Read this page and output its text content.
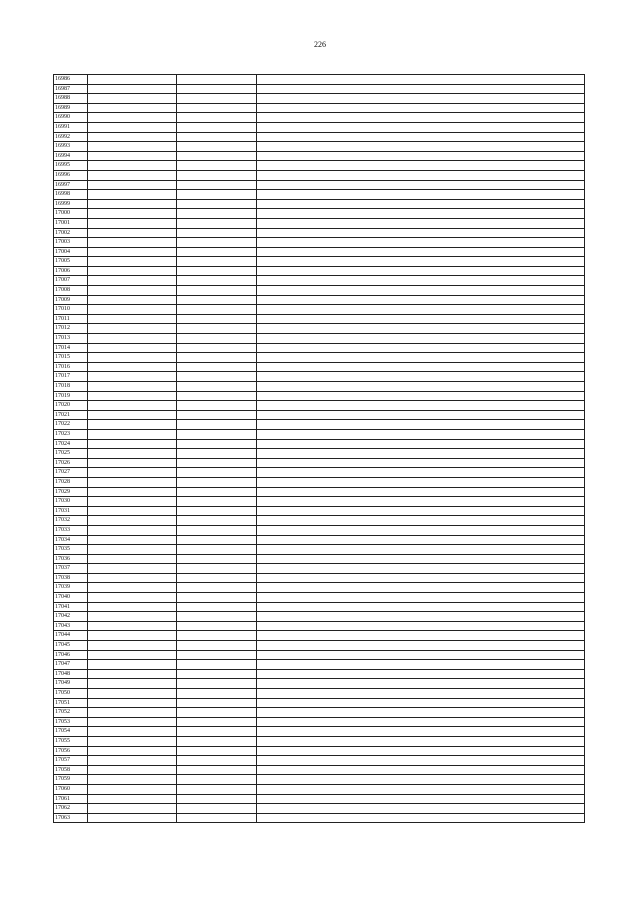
226
16986			
16987			
16988			
16989			
16990			
16991			
16992			
16993			
16994			
16995			
16996			
16997			
16998			
16999			
17000			
17001			
17002			
17003			
17004			
17005			
17006			
17007			
17008			
17009			
17010			
17011			
17012			
17013			
17014			
17015			
17016			
17017			
17018			
17019			
17020			
17021			
17022			
17023			
17024			
17025			
17026			
17027			
17028			
17029			
17030			
17031			
17032			
17033			
17034			
17035			
17036			
17037			
17038			
17039			
17040			
17041			
17042			
17043			
17044			
17045			
17046			
17047			
17048			
17049			
17050			
17051			
17052			
17053			
17054			
17055			
17056			
17057			
17058			
17059			
17060			
17061			
17062			
17063			
